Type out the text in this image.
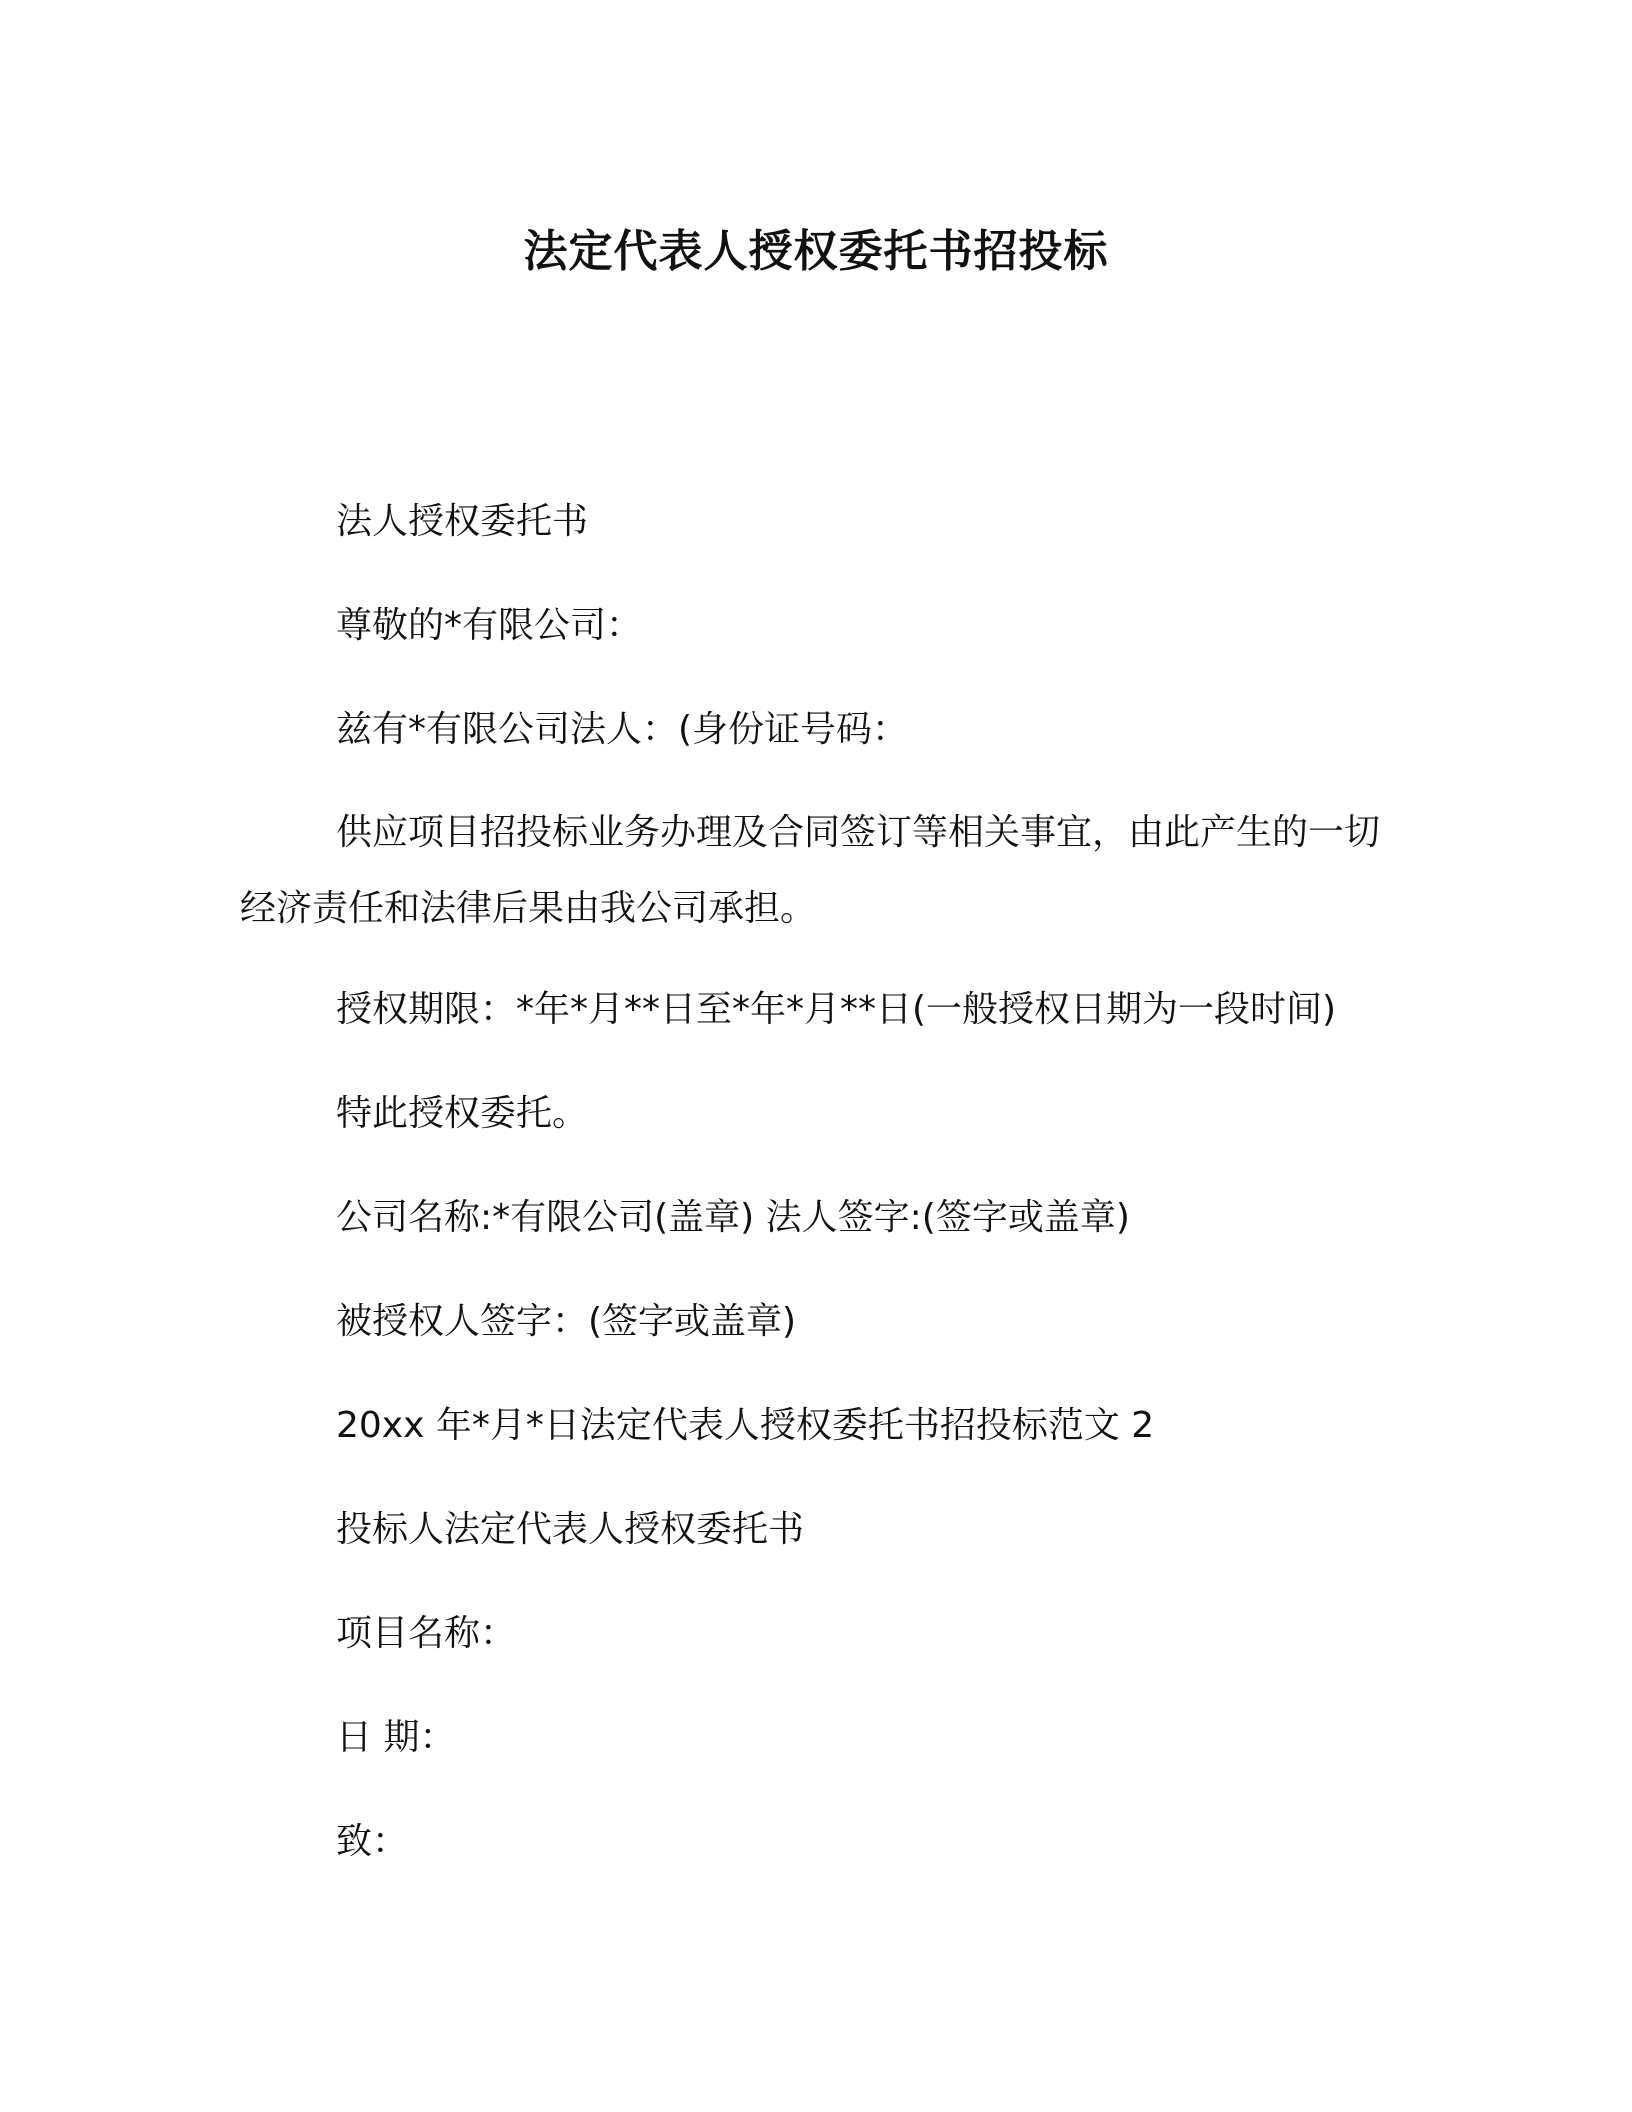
法定代表人授权委托书招投标
法人授权委托书
尊敬的*有限公司：
兹有*有限公司法人：(身份证号码：
供应项目招投标业务办理及合同签订等相关事宜，由此产生的一切经济责任和法律后果由我公司承担。
授权期限：*年*月**日至*年*月**日(一般授权日期为一段时间)
特此授权委托。
公司名称:*有限公司(盖章) 法人签字:(签字或盖章)
被授权人签字：(签字或盖章)
20xx 年*月*日法定代表人授权委托书招投标范文 2
投标人法定代表人授权委托书
项目名称：
日 期：
致：
